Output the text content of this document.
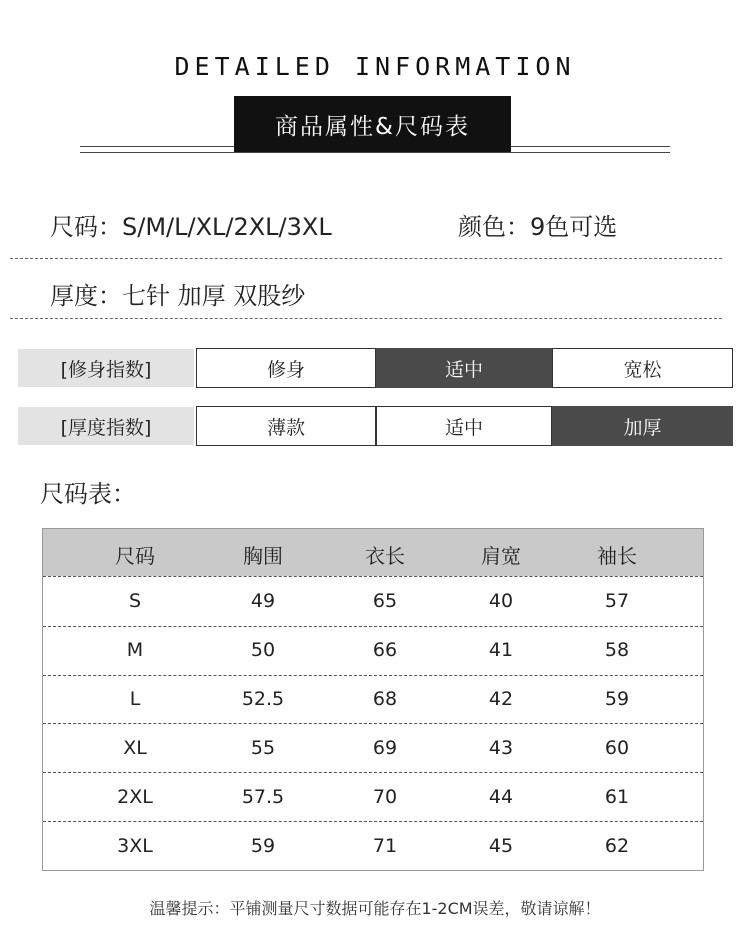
DETAILED INFORMATION
商品属性&尺码表
尺码：S/M/L/XL/2XL/3XL	颜色：9色可选
厚度：七针 加厚 双股纱
[修身指数]	修身	适中	宽松
[厚度指数]	薄款	适中	加厚
尺码表：
尺码	胸围	衣长	肩宽	袖长
S	49	65	40	57
M	50	66	41	58
L	52.5	68	42	59
XL	55	69	43	60
2XL	57.5	70	44	61
3XL	59	71	45	62
温馨提示：平铺测量尺寸数据可能存在1-2CM误差，敬请谅解！
